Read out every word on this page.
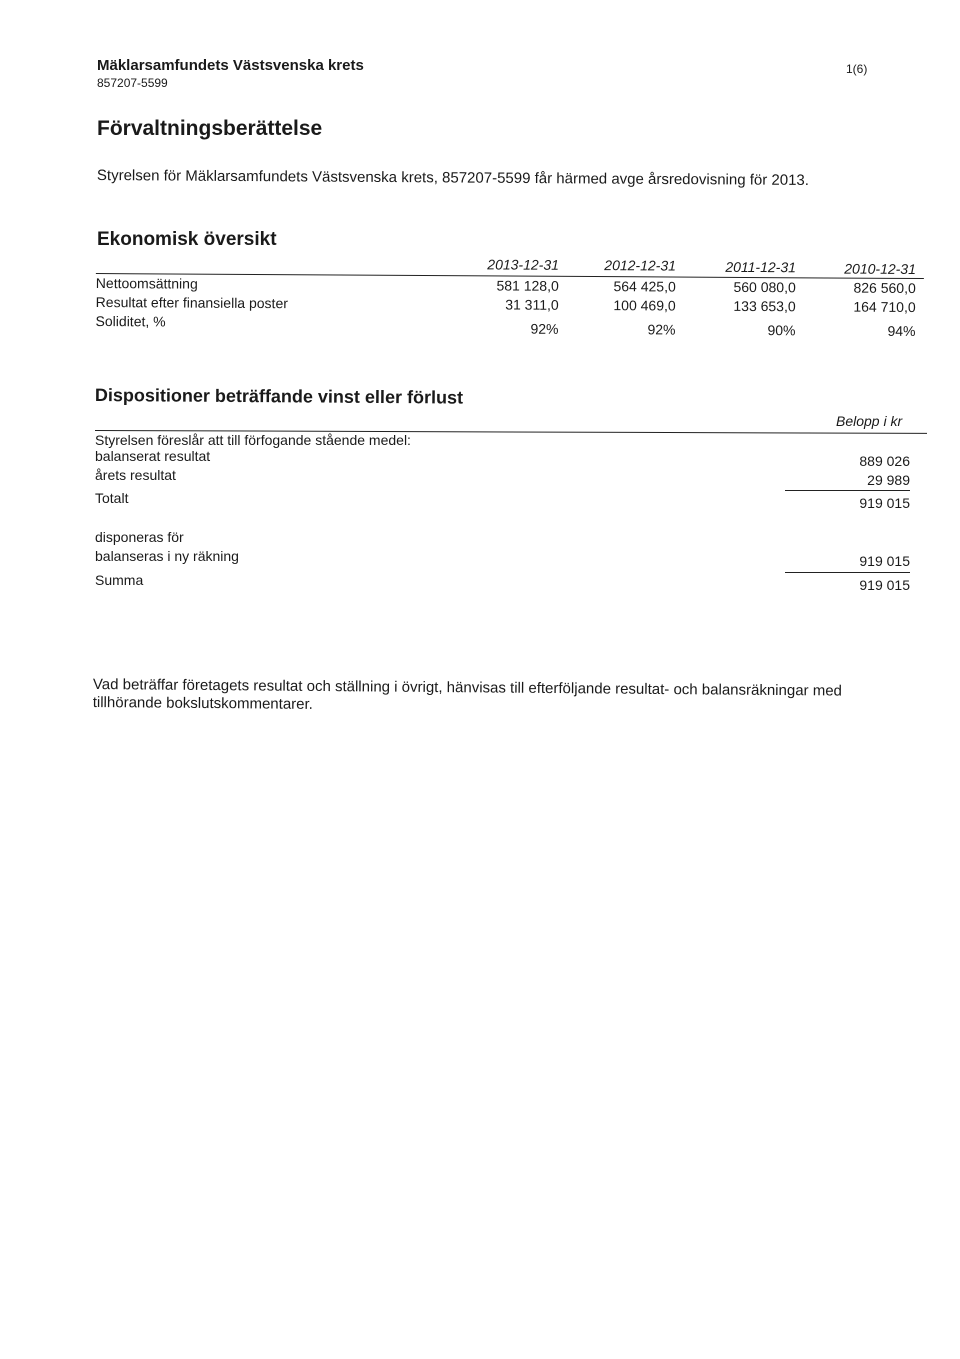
Mäklarsamfundets Västsvenska krets
857207-5599
1(6)
Förvaltningsberättelse
Styrelsen för Mäklarsamfundets Västsvenska krets, 857207-5599 får härmed avge årsredovisning för 2013.
Ekonomisk översikt
2013-12-31	2012-12-31	2011-12-31	2010-12-31
Nettoomsättning	581 128,0	564 425,0	560 080,0	826 560,0
Resultat efter finansiella poster	31 311,0	100 469,0	133 653,0	164 710,0
Soliditet, %	92%	92%	90%	94%
Dispositioner beträffande vinst eller förlust
Belopp i kr
Styrelsen föreslår att till förfogande stående medel:
balanserat resultat	889 026
årets resultat	29 989
Totalt	919 015
disponeras för
balanseras i ny räkning	919 015
Summa	919 015
Vad beträffar företagets resultat och ställning i övrigt, hänvisas till efterföljande resultat- och balansräkningar med tillhörande bokslutskommentarer.
